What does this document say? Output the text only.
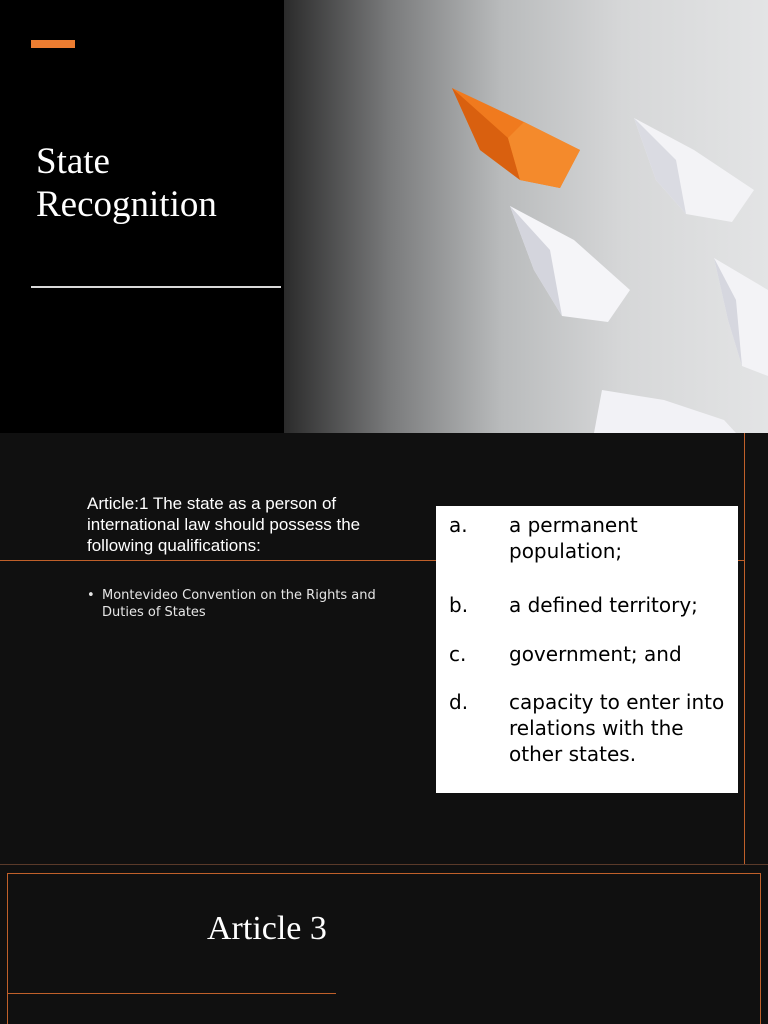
State Recognition
Article:1 The state as a person of international law should possess the following qualifications:
• Montevideo Convention on the Rights and Duties of States
a.	a permanent population;
b.	a defined territory;
c.	government; and
d.	capacity to enter into relations with the other states.
Article 3
